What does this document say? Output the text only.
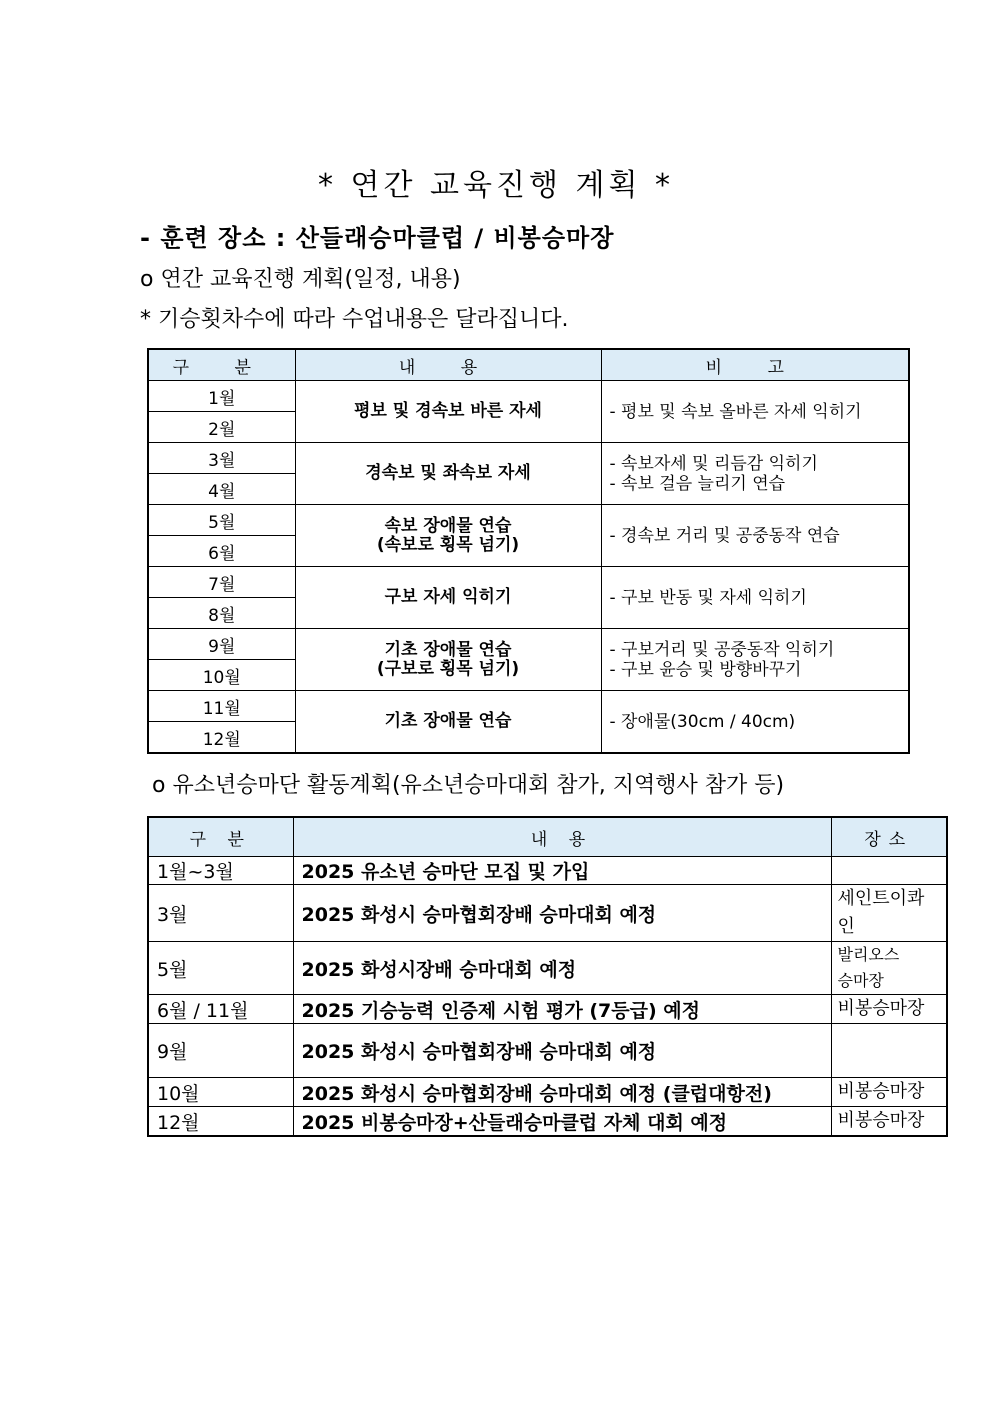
* 연간 교육진행 계획 *
- 훈련 장소 : 산들래승마클럽 / 비봉승마장
o 연간 교육진행 계획(일정, 내용)
* 기승횟차수에 따라 수업내용은 달라집니다.
구 분	내 용	비 고
1월	평보 및 경속보 바른 자세	- 평보 및 속보 올바른 자세 익히기
2월		
3월	경속보 및 좌속보 자세	- 속보자세 및 리듬감 익히기
- 속보 걸음 늘리기 연습
4월		
5월	속보 장애물 연습
(속보로 횡목 넘기)	- 경속보 거리 및 공중동작 연습
6월		
7월	구보 자세 익히기	- 구보 반동 및 자세 익히기
8월		
9월	기초 장애물 연습
(구보로 횡목 넘기)	- 구보거리 및 공중동작 익히기
- 구보 윤승 및 방향바꾸기
10월		
11월	기초 장애물 연습	- 장애물(30cm / 40cm)
12월		
o 유소년승마단 활동계획(유소년승마대회 참가, 지역행사 참가 등)
구 분	내 용	장소
1월~3월	2025 유소년 승마단 모집 및 가입	
3월	2025 화성시 승마협회장배 승마대회 예정	세인트이콰
인
5월	2025 화성시장배 승마대회 예정	발리오스
승마장
6월 / 11월	2025 기승능력 인증제 시험 평가 (7등급) 예정	비봉승마장
9월	2025 화성시 승마협회장배 승마대회 예정	
10월	2025 화성시 승마협회장배 승마대회 예정 (클럽대항전)	비봉승마장
12월	2025 비봉승마장+산들래승마클럽 자체 대회 예정	비봉승마장
